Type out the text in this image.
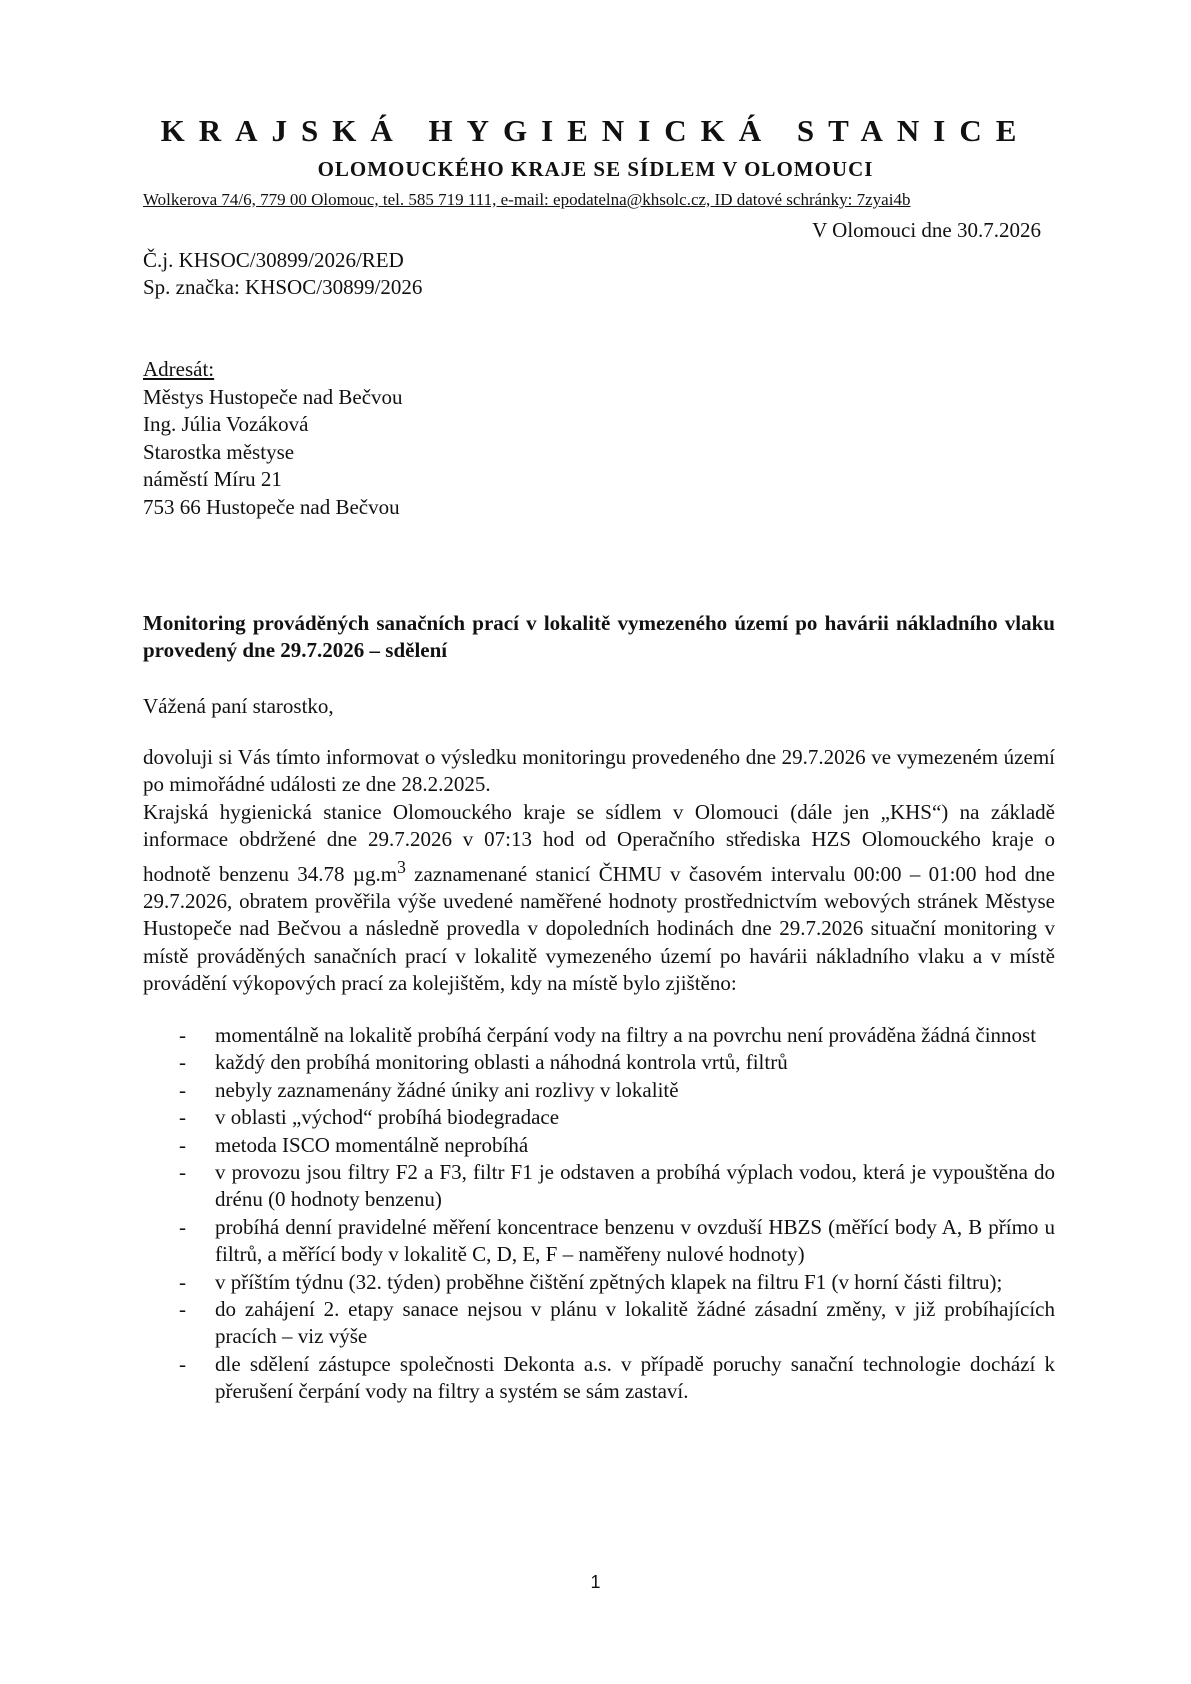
KRAJSKÁ HYGIENICKÁ STANICE
OLOMOUCKÉHO KRAJE SE SÍDLEM V OLOMOUCI
Wolkerova 74/6, 779 00 Olomouc, tel. 585 719 111, e-mail: epodatelna@khsolc.cz, ID datové schránky: 7zyai4b
V Olomouci dne 30.7.2026
Č.j. KHSOC/30899/2026/RED
Sp. značka: KHSOC/30899/2026
Adresát:
Městys Hustopeče nad Bečvou
Ing. Júlia Vozáková
Starostka městyse
náměstí Míru 21
753 66 Hustopeče nad Bečvou
Monitoring prováděných sanačních prací v lokalitě vymezeného území po havárii nákladního vlaku provedený dne 29.7.2026 – sdělení
Vážená paní starostko,

dovoluji si Vás tímto informovat o výsledku monitoringu provedeného dne 29.7.2026 ve vymezeném území po mimořádné události ze dne 28.2.2025.

Krajská hygienická stanice Olomouckého kraje se sídlem v Olomouci (dále jen „KHS“) na základě informace obdržené dne 29.7.2026 v 07:13 hod od Operačního střediska HZS Olomouckého kraje o hodnotě benzenu 34.78 $\mu g.m^3$ zaznamenané stanicí ČHMU v časovém intervalu 00:00 – 01:00 hod dne 29.7.2026, obratem prověřila výše uvedené naměřené hodnoty prostřednictvím webových stránek Městyse Hustopeče nad Bečvou a následně provedla v dopoledních hodinách dne 29.7.2026 situační monitoring v místě prováděných sanačních prací v lokalitě vymezeného území po havárii nákladního vlaku a v místě provádění výkopových prací za kolejištěm, kdy na místě bylo zjištěno:

- momentálně na lokalitě probíhá čerpání vody na filtry a na povrchu není prováděna žádná činnost
- každý den probíhá monitoring oblasti a náhodná kontrola vrtů, filtrů
- nebyly zaznamenány žádné úniky ani rozlivy v lokalitě
- v oblasti „východ“ probíhá biodegradace
- metoda ISCO momentálně neprobíhá
- v provozu jsou filtry F2 a F3, filtr F1 je odstaven a probíhá výplach vodou, která je vypouštěna do drénu (0 hodnoty benzenu)
- probíhá denní pravidelné měření koncentrace benzenu v ovzduší HBZS (měřící body A, B přímo u filtrů, a měřící body v lokalitě C, D, E, F – naměřeny nulové hodnoty)
- v příštím týdnu (32. týden) proběhne čištění zpětných klapek na filtru F1 (v horní části filtru);
- do zahájení 2. etapy sanace nejsou v plánu v lokalitě žádné zásadní změny, v již probíhajících pracích – viz výše
- dle sdělení zástupce společnosti Dekonta a.s. v případě poruchy sanační technologie dochází k přerušení čerpání vody na filtry a systém se sám zastaví.
1
